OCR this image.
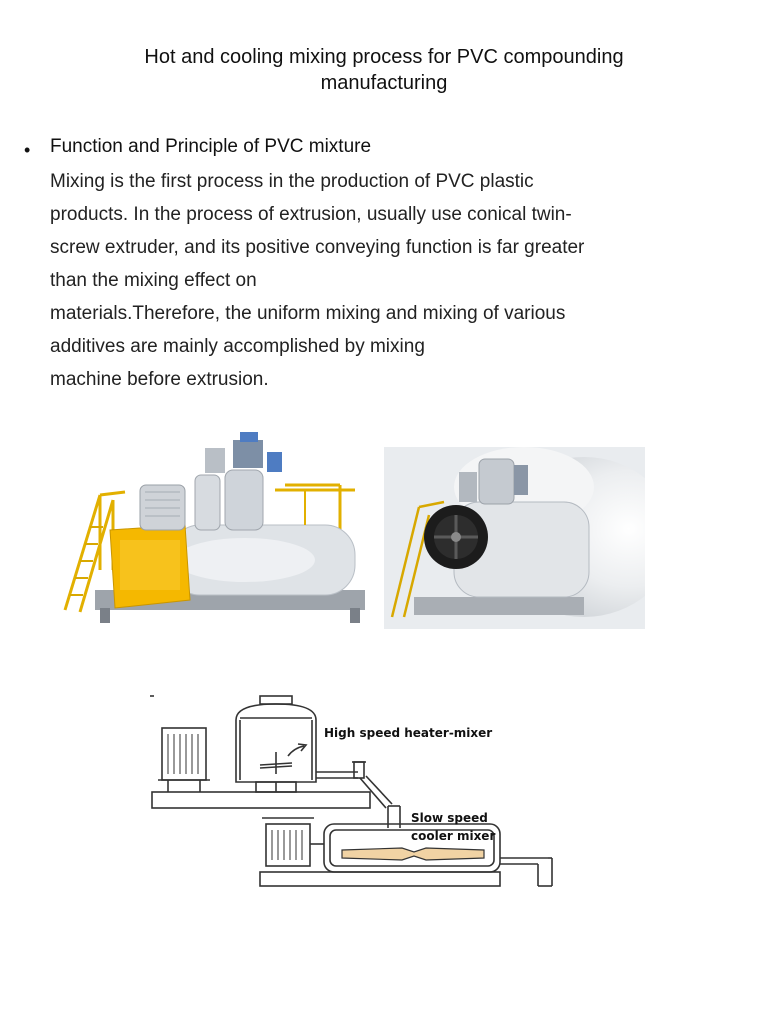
Hot and cooling mixing process for PVC compounding
manufacturing
• Function and Principle of PVC mixture
Mixing is the first process in the production of PVC plastic
products. In the process of extrusion, usually use conical twin-
screw extruder, and its positive conveying function is far greater
than the mixing effect on
materials.Therefore, the uniform mixing and mixing of various
additives are mainly accomplished by mixing
machine before extrusion.
High speed heater-mixer
Slow speed
cooler mixer
